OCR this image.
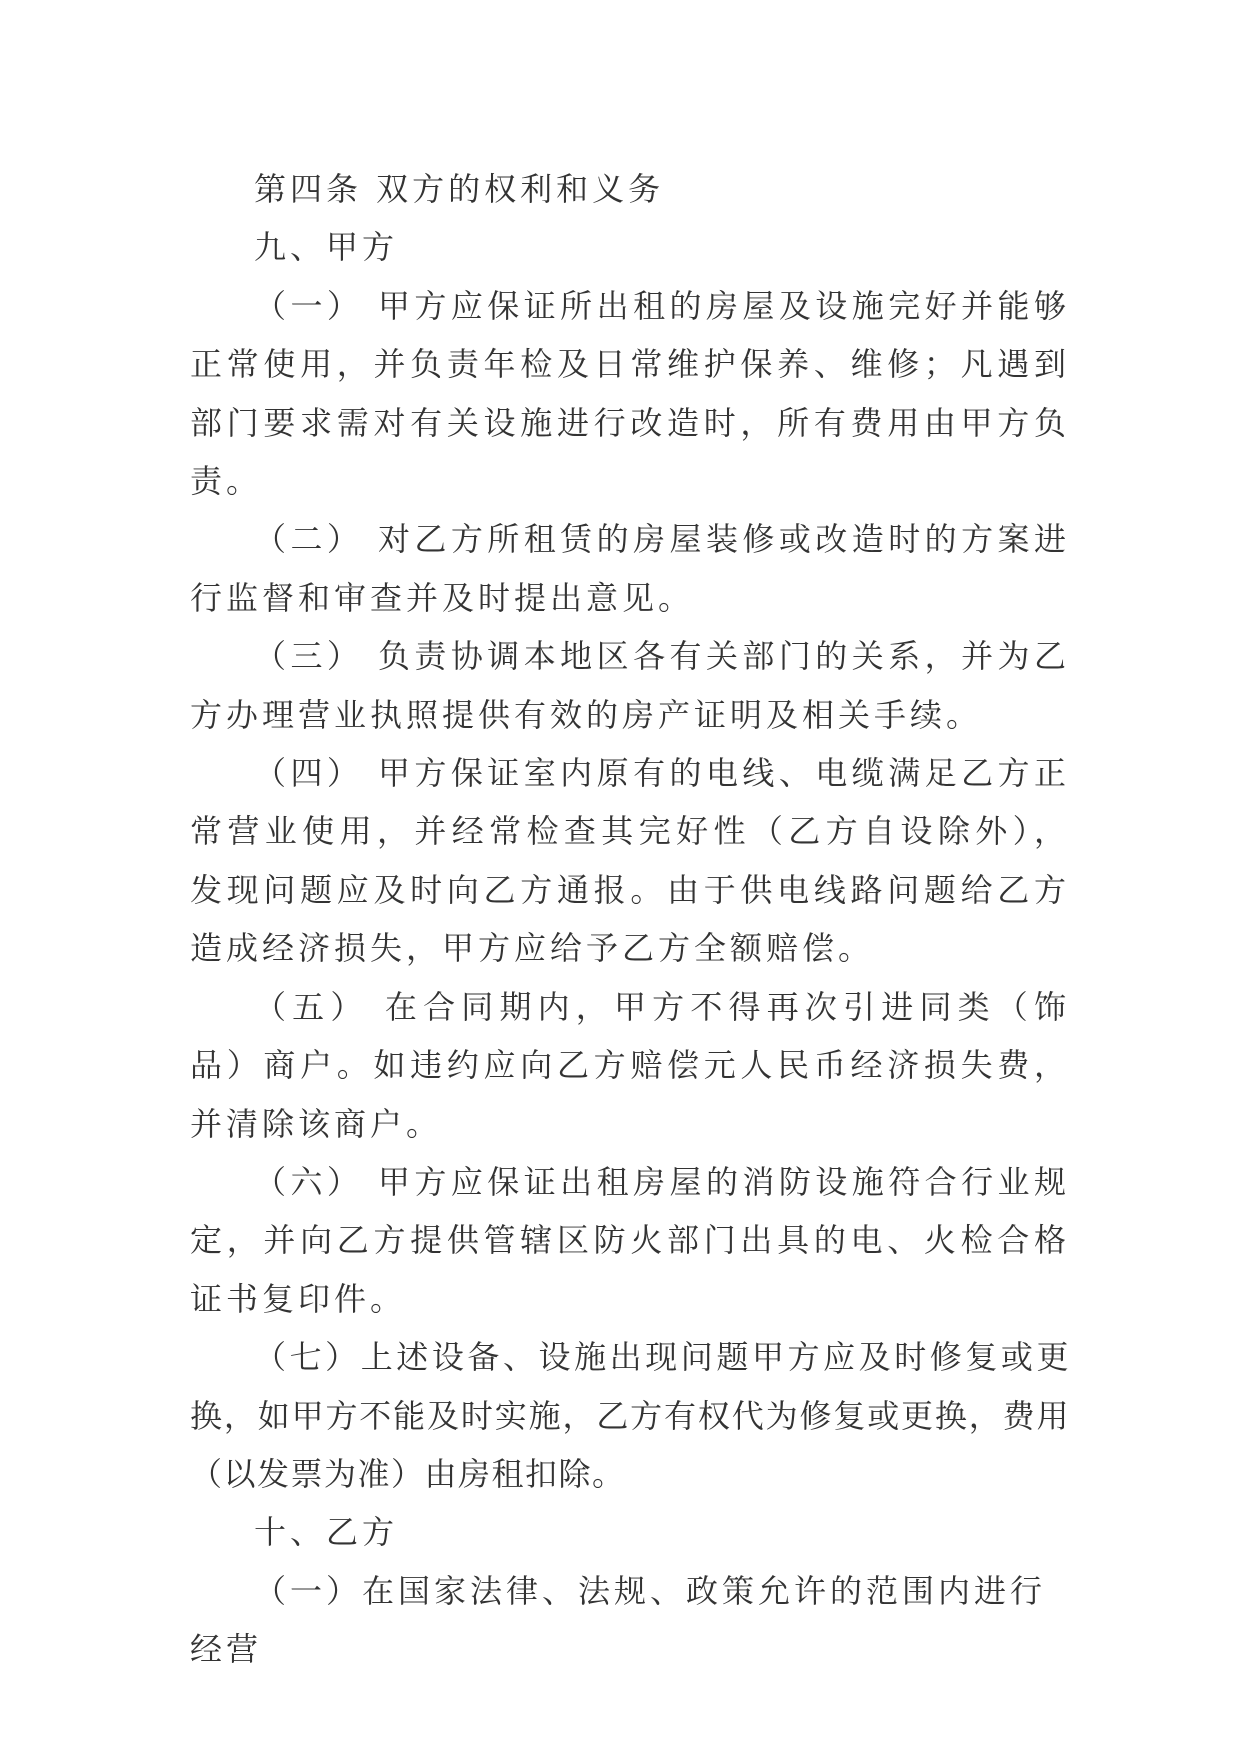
第四条 双方的权利和义务

九、甲方

（一） 甲方应保证所出租的房屋及设施完好并能够正常使用，并负责年检及日常维护保养、维修；凡遇到部门要求需对有关设施进行改造时，所有费用由甲方负责。

（二） 对乙方所租赁的房屋装修或改造时的方案进行监督和审查并及时提出意见。

（三） 负责协调本地区各有关部门的关系，并为乙方办理营业执照提供有效的房产证明及相关手续。

（四） 甲方保证室内原有的电线、电缆满足乙方正常营业使用，并经常检查其完好性（乙方自设除外），发现问题应及时向乙方通报。由于供电线路问题给乙方造成经济损失，甲方应给予乙方全额赔偿。

（五） 在合同期内，甲方不得再次引进同类（饰品）商户。如违约应向乙方赔偿元人民币经济损失费，并清除该商户。

（六） 甲方应保证出租房屋的消防设施符合行业规定，并向乙方提供管辖区防火部门出具的电、火检合格证书复印件。

（七）上述设备、设施出现问题甲方应及时修复或更换，如甲方不能及时实施，乙方有权代为修复或更换，费用（以发票为准）由房租扣除。

十、乙方

（一）在国家法律、法规、政策允许的范围内进行经营
